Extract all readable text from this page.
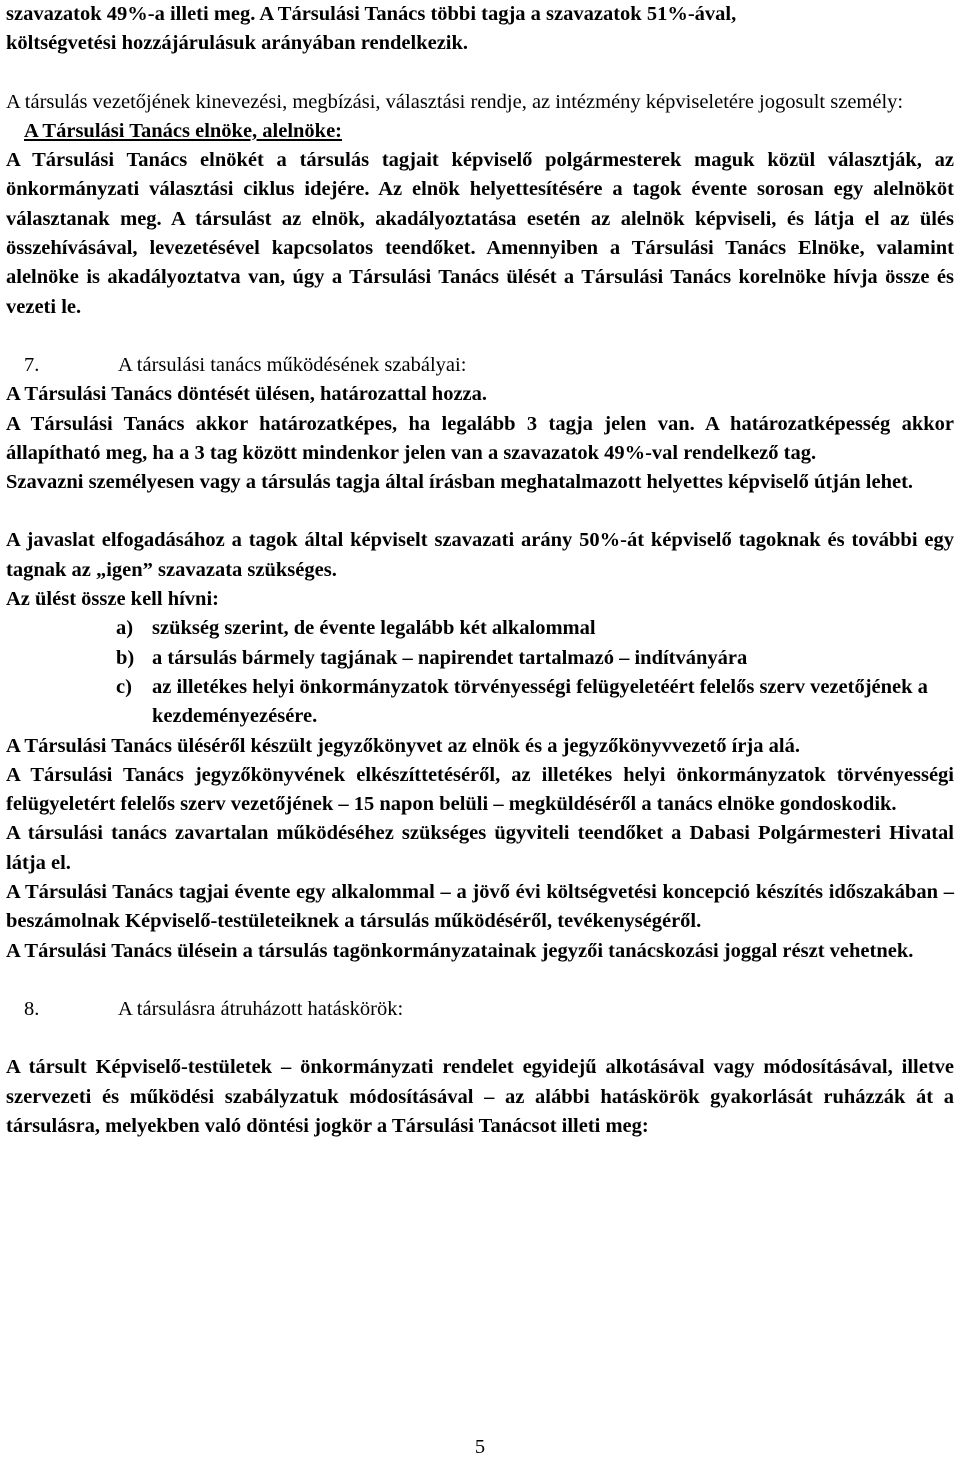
szavazatok 49%-a illeti meg. A Társulási Tanács többi tagja a szavazatok 51%-ával,

költségvetési hozzájárulásuk arányában rendelkezik.

A társulás vezetőjének kinevezési, megbízási, választási rendje, az intézmény képviseletére jogosult személy:

A Társulási Tanács elnöke, alelnöke:

A Társulási Tanács elnökét a társulás tagjait képviselő polgármesterek maguk közül választják, az önkormányzati választási ciklus idejére. Az elnök helyettesítésére a tagok évente sorosan egy alelnököt választanak meg. A társulást az elnök, akadályoztatása esetén az alelnök képviseli, és látja el az ülés összehívásával, levezetésével kapcsolatos teendőket. Amennyiben a Társulási Tanács Elnöke, valamint alelnöke is akadályoztatva van, úgy a Társulási Tanács ülését a Társulási Tanács korelnöke hívja össze és vezeti le.

7.	A társulási tanács működésének szabályai:

A Társulási Tanács döntését ülésen, határozattal hozza.

A Társulási Tanács akkor határozatképes, ha legalább 3 tagja jelen van. A határozatképesség akkor állapítható meg, ha a 3 tag között mindenkor jelen van a szavazatok 49%-val rendelkező tag.

Szavazni személyesen vagy a társulás tagja által írásban meghatalmazott helyettes képviselő útján lehet.

A javaslat elfogadásához a tagok által képviselt szavazati arány 50%-át képviselő tagoknak és további egy tagnak az „igen” szavazata szükséges.

Az ülést össze kell hívni:

a) szükség szerint, de évente legalább két alkalommal
b) a társulás bármely tagjának – napirendet tartalmazó – indítványára
c) az illetékes helyi önkormányzatok törvényességi felügyeletéért felelős szerv vezetőjének a kezdeményezésére.

A Társulási Tanács üléséről készült jegyzőkönyvet az elnök és a jegyzőkönyvvezető írja alá.

A Társulási Tanács jegyzőkönyvének elkészíttetéséről, az illetékes helyi önkormányzatok törvényességi felügyeletért felelős szerv vezetőjének – 15 napon belüli – megküldéséről a tanács elnöke gondoskodik.

A társulási tanács zavartalan működéséhez szükséges ügyviteli teendőket a Dabasi Polgármesteri Hivatal látja el.

A Társulási Tanács tagjai évente egy alkalommal – a jövő évi költségvetési koncepció készítés időszakában – beszámolnak Képviselő-testületeiknek a társulás működéséről, tevékenységéről.

A Társulási Tanács ülésein a társulás tagönkormányzatainak jegyzői tanácskozási joggal részt vehetnek.

8.	A társulásra átruházott hatáskörök:

A társult Képviselő-testületek – önkormányzati rendelet egyidejű alkotásával vagy módosításával, illetve szervezeti és működési szabályzatuk módosításával – az alábbi hatáskörök gyakorlását ruházzák át a társulásra, melyekben való döntési jogkör a Társulási Tanácsot illeti meg:

5
